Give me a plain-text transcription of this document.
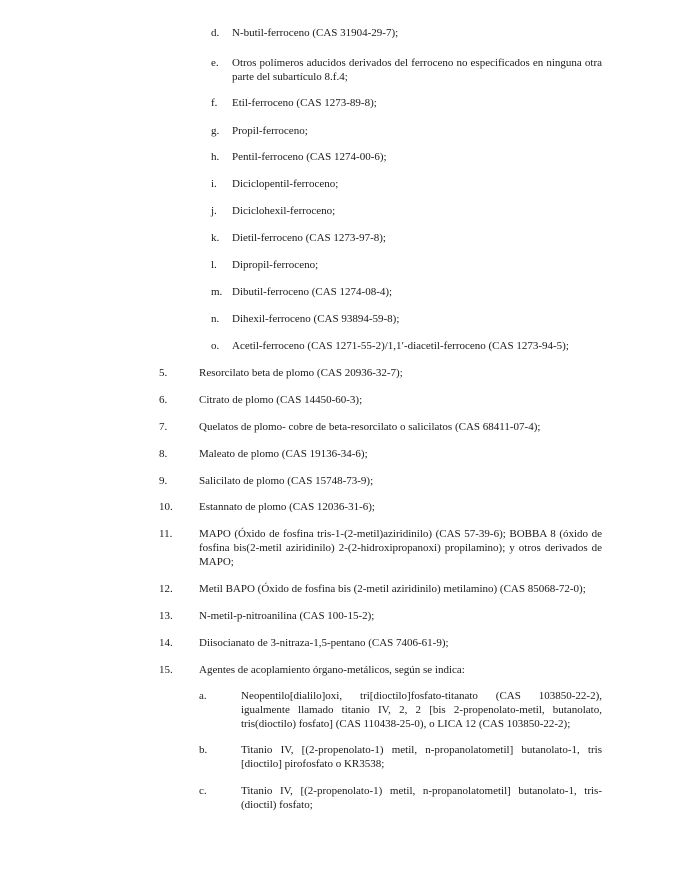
d. N-butil-ferroceno (CAS 31904-29-7);
e. Otros polímeros aducidos derivados del ferroceno no especificados en ninguna otra parte del subartículo 8.f.4;
f. Etil-ferroceno (CAS 1273-89-8);
g. Propil-ferroceno;
h. Pentil-ferroceno (CAS 1274-00-6);
i. Diciclopentil-ferroceno;
j. Diciclohexil-ferroceno;
k. Dietil-ferroceno (CAS 1273-97-8);
l. Dipropil-ferroceno;
m. Dibutil-ferroceno (CAS 1274-08-4);
n. Dihexil-ferroceno (CAS 93894-59-8);
o. Acetil-ferroceno (CAS 1271-55-2)/1,1′-diacetil-ferroceno (CAS 1273-94-5);
5.	Resorcilato beta de plomo (CAS 20936-32-7);
6.	Citrato de plomo (CAS 14450-60-3);
7.	Quelatos de plomo- cobre de beta-resorcilato o salicilatos (CAS 68411-07-4);
8.	Maleato de plomo (CAS 19136-34-6);
9.	Salicilato de plomo (CAS 15748-73-9);
10. Estannato de plomo (CAS 12036-31-6);
11. MAPO (Óxido de fosfina tris-1-(2-metil)aziridinilo) (CAS 57-39-6); BOBBA 8 (óxido de fosfina bis(2-metil aziridinilo) 2-(2-hidroxipropanoxi) propilamino); y otros derivados de MAPO;
12. Metil BAPO (Óxido de fosfina bis (2-metil aziridinilo) metilamino) (CAS 85068-72-0);
13. N-metil-p-nitroanilina (CAS 100-15-2);
14. Diisocianato de 3-nitraza-1,5-pentano (CAS 7406-61-9);
15. Agentes de acoplamiento órgano-metálicos, según se indica:
a.	Neopentilo[dialilo]oxi, tri[dioctilo]fosfato-titanato (CAS 103850-22-2), igualmente llamado titanio IV, 2, 2 [bis 2-propenolato-metil, butanolato, tris(dioctilo) fosfato] (CAS 110438-25-0), o LICA 12 (CAS 103850-22-2);
b.	Titanio IV, [(2-propenolato-1) metil, n-propanolatometil] butanolato-1, tris [dioctilo] pirofosfato o KR3538;
c.	Titanio IV, [(2-propenolato-1) metil, n-propanolatometil] butanolato-1, tris-(dioctil) fosfato;
